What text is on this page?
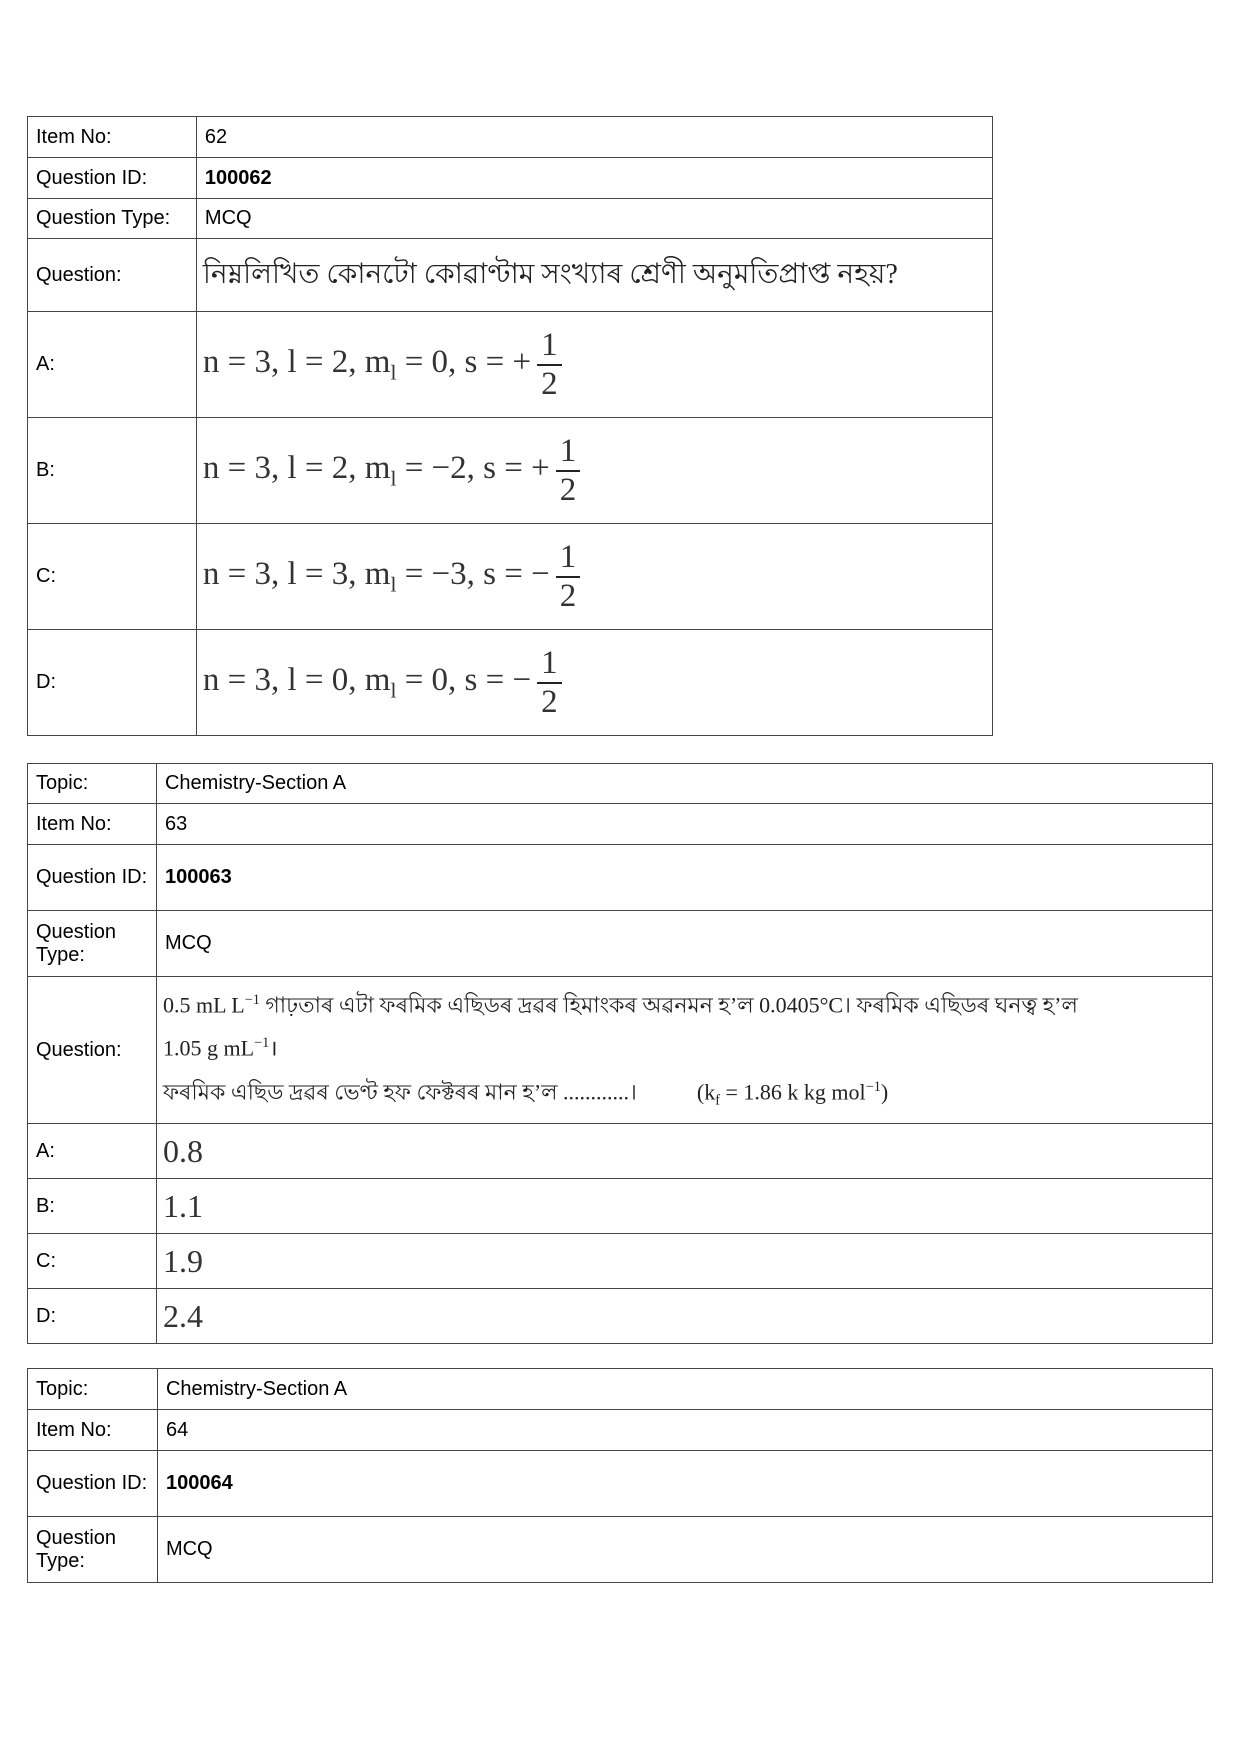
Item No:	62
Question ID:	100062
Question Type:	MCQ
Question:	নিম্নলিখিত কোনটো কোৱাণ্টাম সংখ্যাৰ শ্ৰেণী অনুমতিপ্ৰাপ্ত নহয়?
A:	n = 3, l = 2, $m_l = 0$, s = + $\frac{1}{2}$

B:	n = 3, l = 2, $m_l = -2$, s = + $\frac{1}{2}$

C:	n = 3, l = 3, $m_l = -3$, s = − $\frac{1}{2}$

D:	n = 3, l = 0, $m_l = 0$, s = − $\frac{1}{2}$
Topic:	Chemistry-Section A
Item No:	63
Question ID:	100063
Question Type:	MCQ
Question:	0.5 mL $L^{-1}$ গাঢ়তাৰ এটা ফৰমিক এছিডৰ দ্ৰৱৰ হিমাংকৰ অৱনমন হ’ল 0.0405°C। ফৰমিক এছিডৰ ঘনত্ব হ’ল
1.05 g $mL^{-1}।$
ফৰমিক এছিড দ্ৰৱৰ ভেণ্ট হফ ফেক্টৰৰ মান হ’ল ............। ($k_f = 1.86$ k kg mol$^{-1}$)

A:	0.8
B:	1.1
C:	1.9
D:	2.4
Topic:	Chemistry-Section A
Item No:	64
Question ID:	100064
Question Type:	MCQ
